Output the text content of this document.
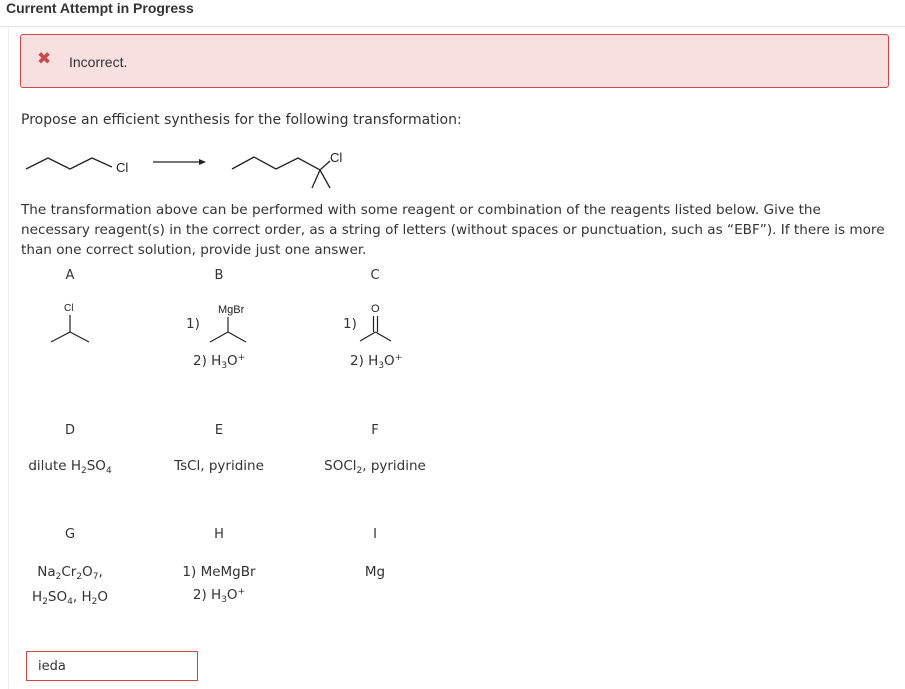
Current Attempt in Progress
✖ Incorrect.
Propose an efficient synthesis for the following transformation:
Cl
Cl
The transformation above can be performed with some reagent or combination of the reagents listed below. Give the necessary reagent(s) in the correct order, as a string of letters (without spaces or punctuation, such as “EBF”). If there is more than one correct solution, provide just one answer.
A	B	C
Cl
1)
MgBr
2) $H_3O^+$
1)
O
2) $H_3O^+$
D	E	F
dilute $H_2SO_4$	TsCl, pyridine	SOCl$_2$, pyridine
G	H	I
$Na_2Cr_2O_7$,
$H_2SO_4$, $H_2O$
1) MeMgBr
2) $H_3O^+$
Mg
ieda
